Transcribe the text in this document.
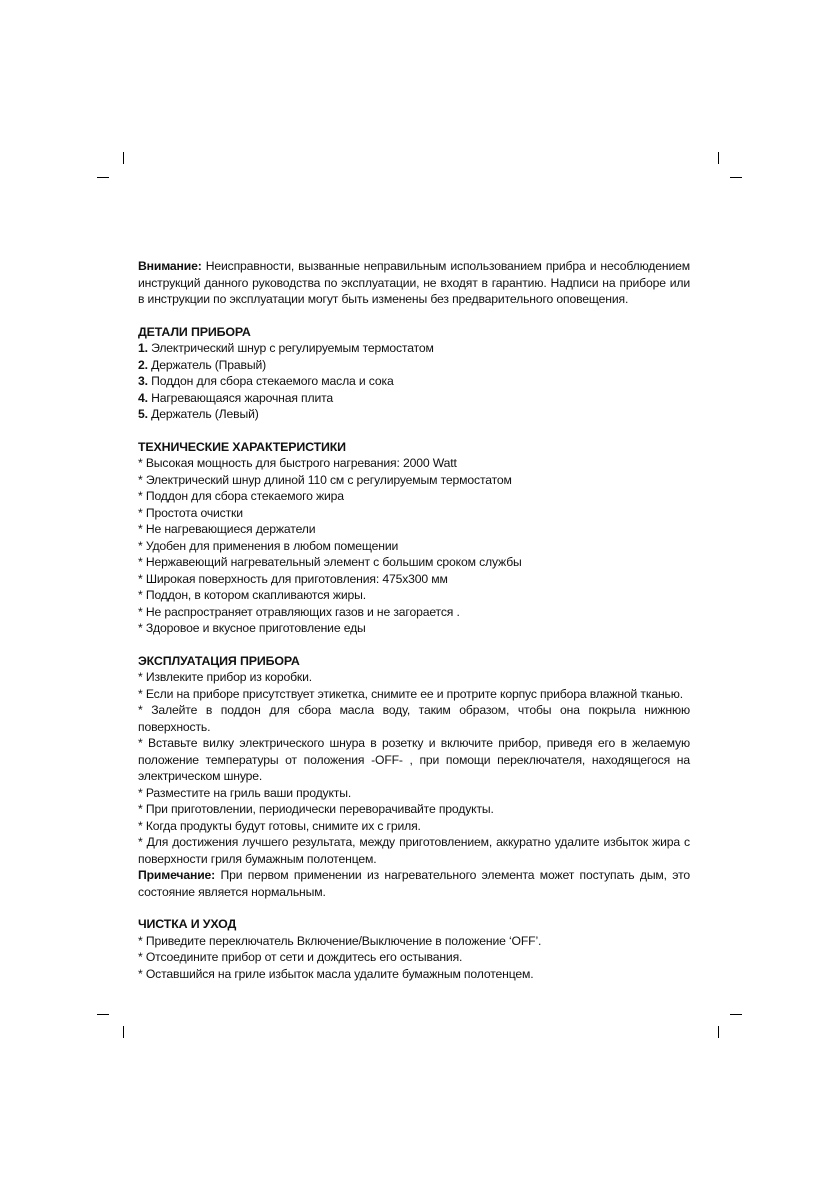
Внимание: Неисправности, вызванные неправильным использованием прибра и несоблюдением инструкций данного руководства по эксплуатации, не входят в гарантию. Надписи на приборе или в инструкции по эксплуатации могут быть изменены без предварительного оповещения.

ДЕТАЛИ ПРИБОРА

1. Электрический шнур с регулируемым термостатом
2. Держатель (Правый)
3. Поддон для сбора стекаемого масла и сока
4. Нагревающаяся жарочная плита
5. Держатель (Левый)

ТЕХНИЧЕСКИЕ ХАРАКТЕРИСТИКИ

* Высокая мощность для быстрого нагревания: 2000 Watt
* Электрический шнур длиной 110 см с регулируемым термостатом
* Поддон для сбора стекаемого жира
* Простота очистки
* Не нагревающиеся держатели
* Удобен для применения в любом помещении
* Нержавеющий нагревательный элемент с большим сроком службы
* Широкая поверхность для приготовления: 475x300 мм
* Поддон, в котором скапливаются жиры.
* Не распространяет отравляющих газов и не загорается .
* Здоровое и вкусное приготовление еды

ЭКСПЛУАТАЦИЯ ПРИБОРА

* Извлеките прибор из коробки.
* Если на приборе присутствует этикетка, снимите ее и протрите корпус прибора влажной тканью.
* Залейте в поддон для сбора масла воду, таким образом, чтобы она покрыла нижнюю поверхность.
* Вставьте вилку электрического шнура в розетку и включите прибор, приведя его в желаемую положение температуры от положения -OFF- , при помощи переключателя, находящегося на электрическом шнуре.
* Разместите на гриль ваши продукты.
* При приготовлении, периодически переворачивайте продукты.
* Когда продукты будут готовы, снимите их с гриля.
* Для достижения лучшего результата, между приготовлением, аккуратно удалите избыток жира с поверхности гриля бумажным полотенцем.

Примечание: При первом применении из нагревательного элемента может поступать дым, это состояние является нормальным.

ЧИСТКА И УХОД

* Приведите переключатель Включение/Выключение в положение ‘OFF’.
* Отсоедините прибор от сети и дождитесь его остывания.
* Оставшийся на гриле избыток масла удалите бумажным полотенцем.
